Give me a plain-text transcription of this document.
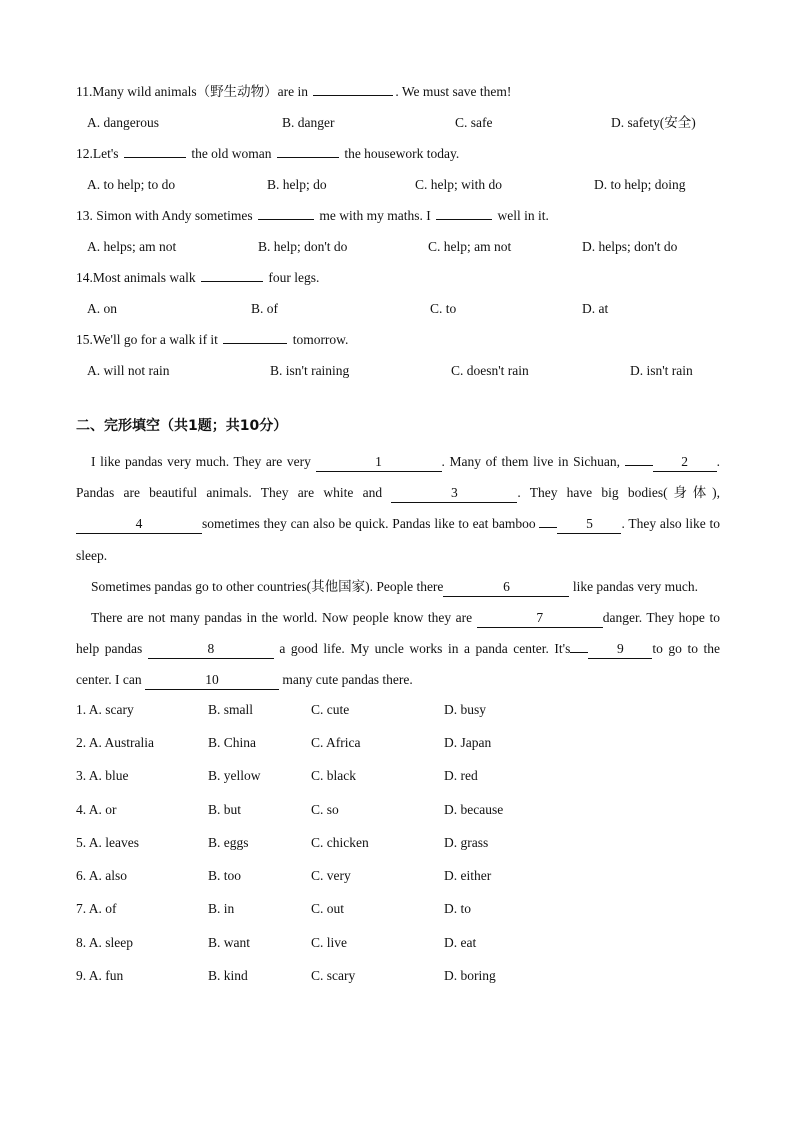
11.Many wild animals（野生动物）are in	. We must save them!
A. dangerous	B. danger	C. safe	D. safety(安全)
12.Let's	the old woman	the housework today.
A. to help; to do	B. help; do	C. help; with do	D. to help; doing
13. Simon with Andy sometimes	me with my maths. I	well in it.
A. helps; am not	B. help; don't do	C. help; am not	D. helps; don't do
14.Most animals walk	four legs.
A. on	B. of	C. to	D. at
15.We'll go for a walk if it	tomorrow.
A. will not rain	B. isn't raining	C. doesn't rain	D. isn't rain
二、完形填空（共1题；共10分）

I like pandas very much. They are very	1	. Many of them live in Sichuan,	2 . Pandas are beautiful animals. They are white and	3	. They have big bodies(身体), 4	sometimes they can also be quick. Pandas like to eat bamboo	5 . They also like to sleep.

Sometimes pandas go to other countries(其他国家). People there	6	like pandas very much.

There are not many pandas in the world. Now people know they are	7	danger. They hope to help pandas	8	a good life. My uncle works in a panda center. It's	9 to go to the center. I can	10	many cute pandas there.

1. A. scary	B. small	C. cute	D. busy
2. A. Australia	B. China	C. Africa	D. Japan
3. A. blue	B. yellow	C. black	D. red
4. A. or	B. but	C. so	D. because
5. A. leaves	B. eggs	C. chicken	D. grass
6. A. also	B. too	C. very	D. either
7. A. of	B. in	C. out	D. to
8. A. sleep	B. want	C. live	D. eat
9. A. fun	B. kind	C. scary	D. boring
